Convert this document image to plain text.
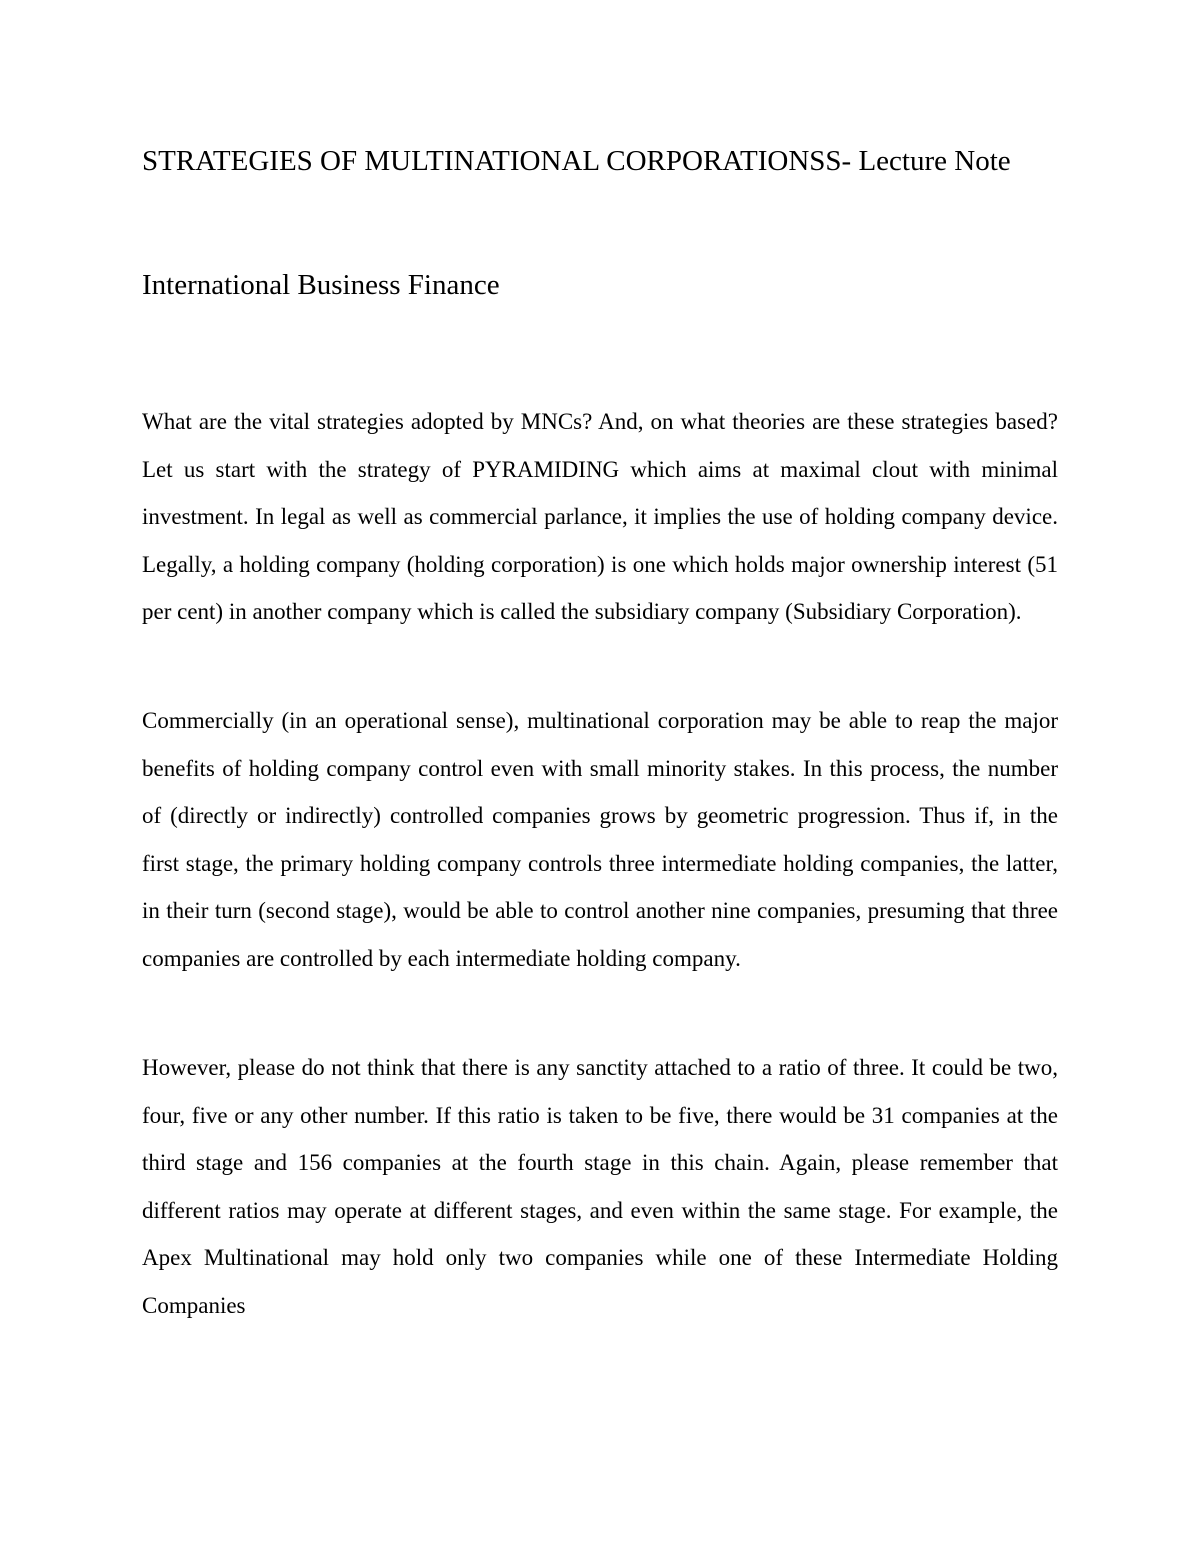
STRATEGIES OF MULTINATIONAL CORPORATIONSS- Lecture Note
International Business Finance

What are the vital strategies adopted by MNCs? And, on what theories are these strategies based? Let us start with the strategy of PYRAMIDING which aims at maximal clout with minimal investment. In legal as well as commercial parlance, it implies the use of holding company device. Legally, a holding company (holding corporation) is one which holds major ownership interest (51 per cent) in another company which is called the subsidiary company (Subsidiary Corporation).

Commercially (in an operational sense), multinational corporation may be able to reap the major benefits of holding company control even with small minority stakes. In this process, the number of (directly or indirectly) controlled companies grows by geometric progression. Thus if, in the first stage, the primary holding company controls three intermediate holding companies, the latter, in their turn (second stage), would be able to control another nine companies, presuming that three companies are controlled by each intermediate holding company.

However, please do not think that there is any sanctity attached to a ratio of three. It could be two, four, five or any other number. If this ratio is taken to be five, there would be 31 companies at the third stage and 156 companies at the fourth stage in this chain. Again, please remember that different ratios may operate at different stages, and even within the same stage. For example, the Apex Multinational may hold only two companies while one of these Intermediate Holding Companies
